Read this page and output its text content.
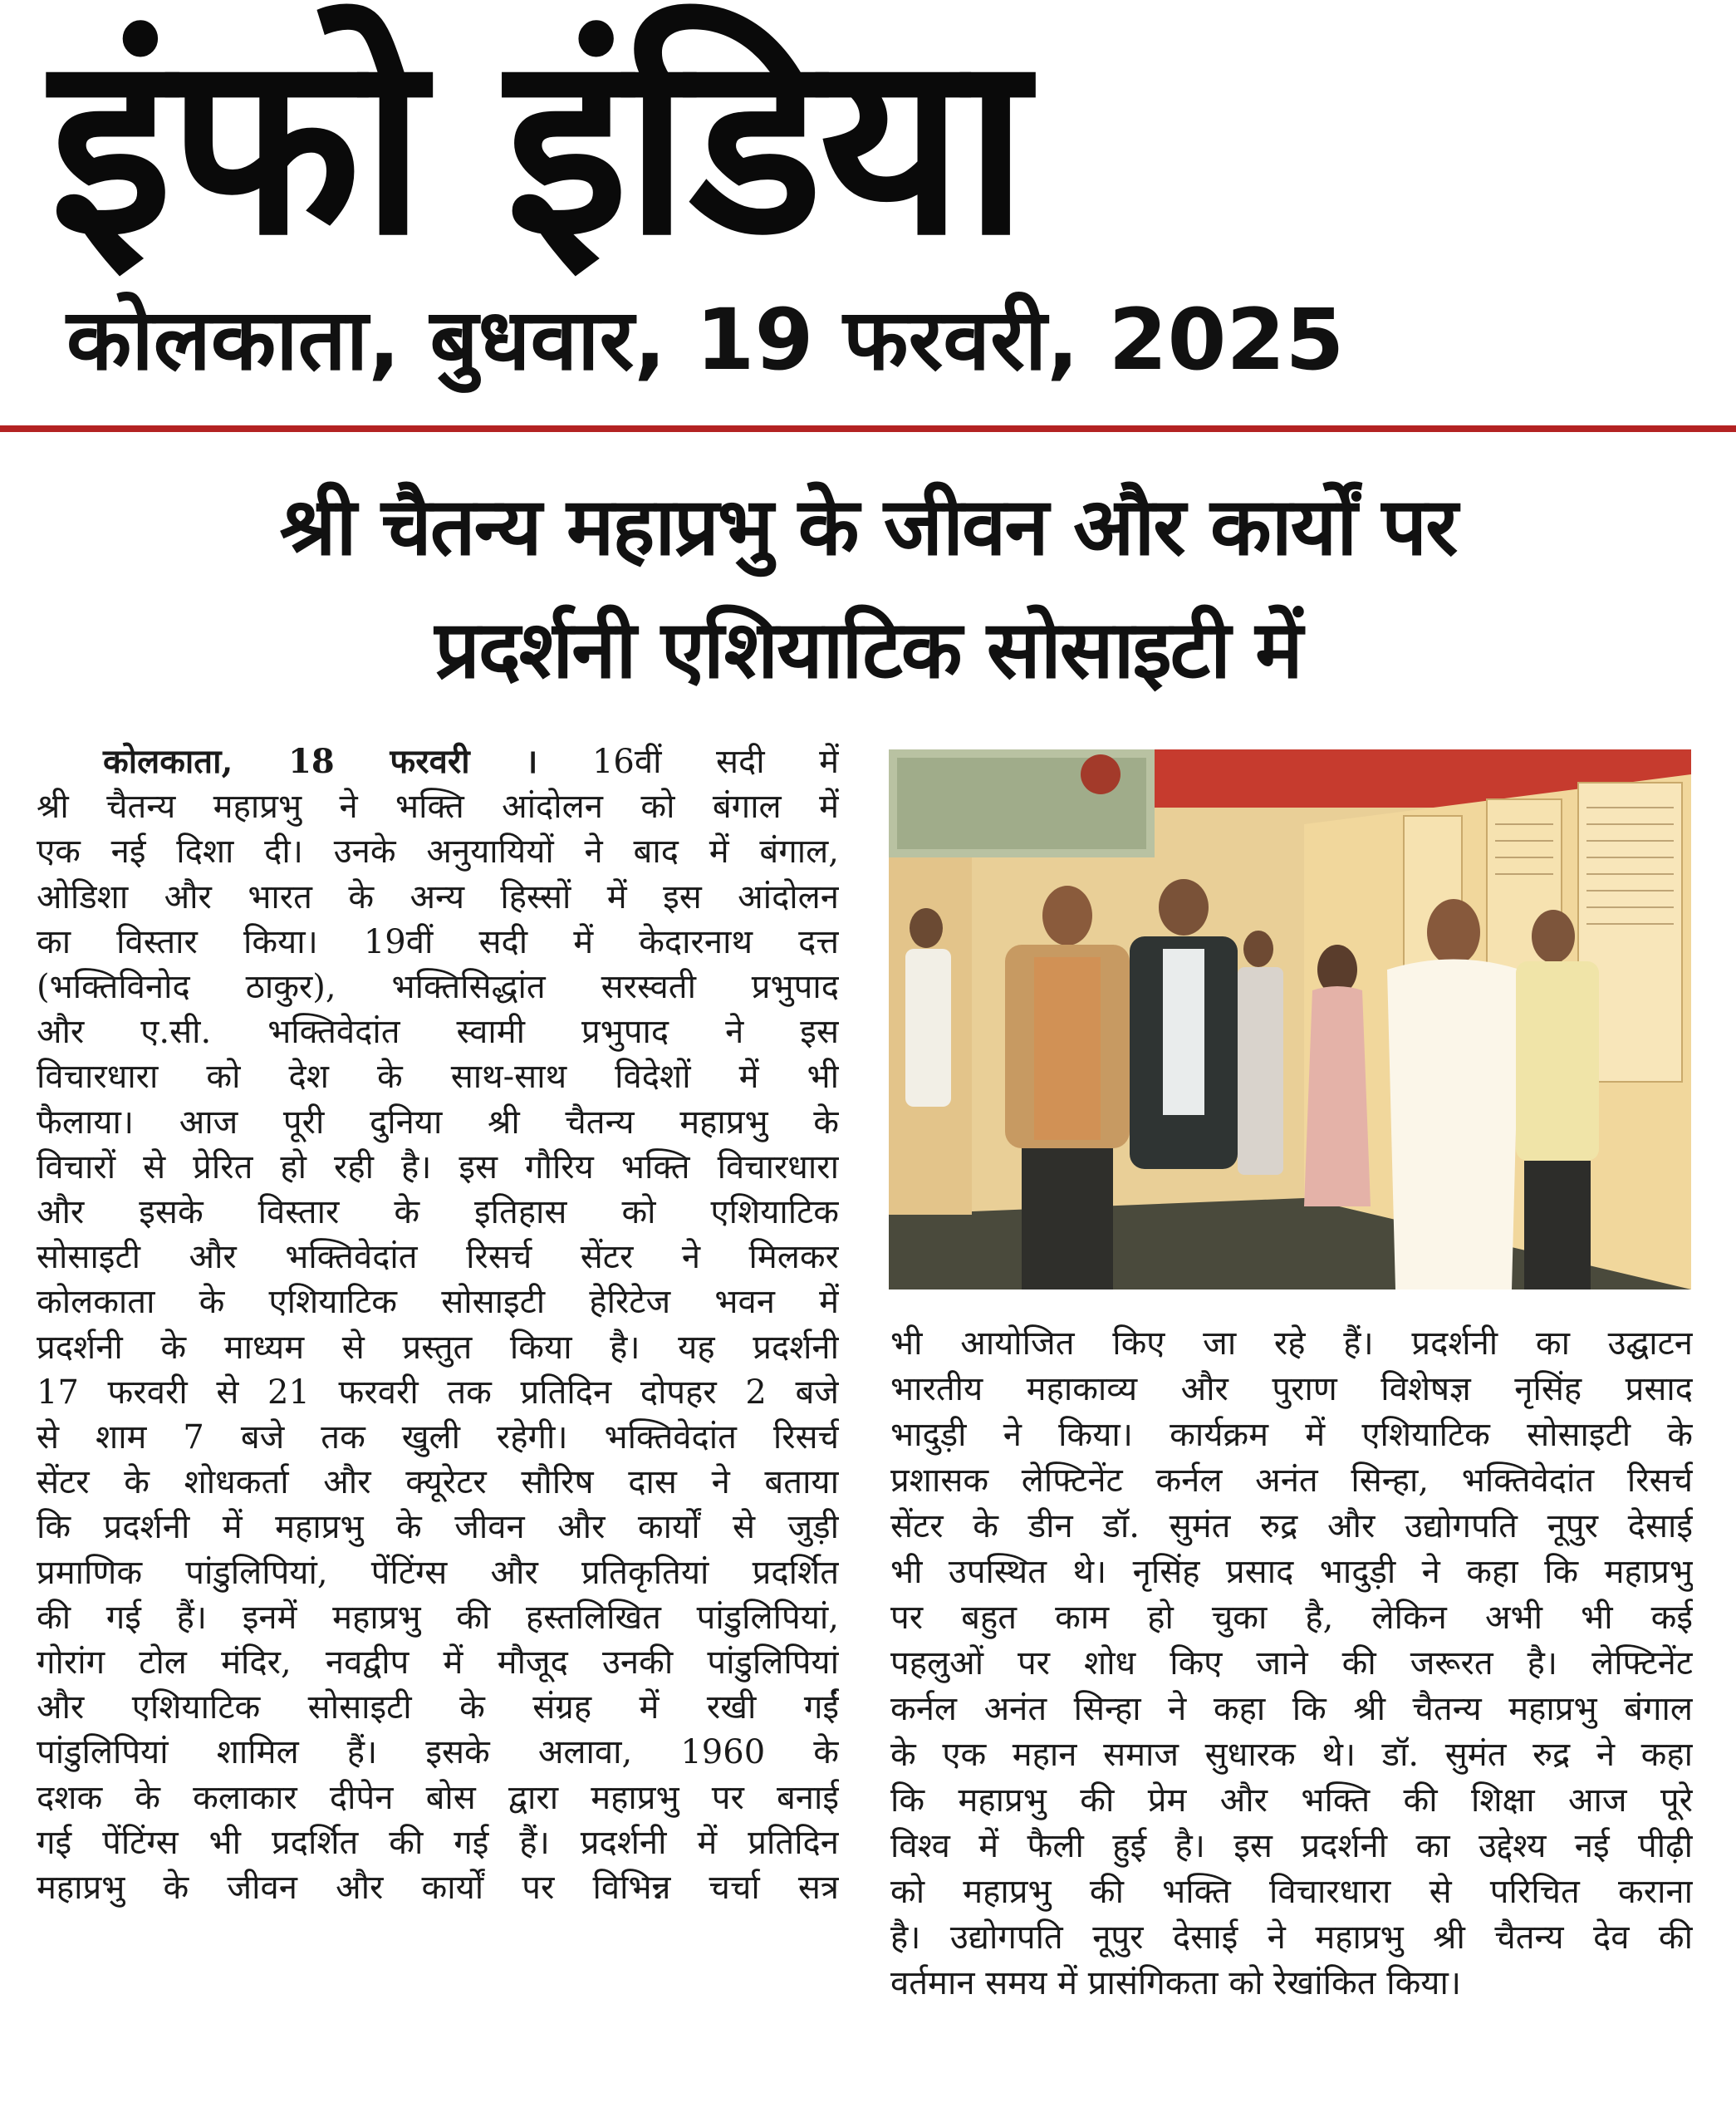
इंफो इंडिया
कोलकाता, बुधवार, 19 फरवरी, 2025
श्री चैतन्य महाप्रभु के जीवन और कार्यों पर
प्रदर्शनी एशियाटिक सोसाइटी में
कोलकाता, 18 फरवरी । 16वीं सदी में
श्री चैतन्य महाप्रभु ने भक्ति आंदोलन को बंगाल में
एक नई दिशा दी। उनके अनुयायियों ने बाद में बंगाल,
ओडिशा और भारत के अन्य हिस्सों में इस आंदोलन
का विस्तार किया। 19वीं सदी में केदारनाथ दत्त
(भक्तिविनोद ठाकुर), भक्तिसिद्धांत सरस्वती प्रभुपाद
और ए.सी. भक्तिवेदांत स्वामी प्रभुपाद ने इस
विचारधारा को देश के साथ-साथ विदेशों में भी
फैलाया। आज पूरी दुनिया श्री चैतन्य महाप्रभु के
विचारों से प्रेरित हो रही है। इस गौरिय भक्ति विचारधारा
और इसके विस्तार के इतिहास को एशियाटिक
सोसाइटी और भक्तिवेदांत रिसर्च सेंटर ने मिलकर
कोलकाता के एशियाटिक सोसाइटी हेरिटेज भवन में
प्रदर्शनी के माध्यम से प्रस्तुत किया है। यह प्रदर्शनी
17 फरवरी से 21 फरवरी तक प्रतिदिन दोपहर 2 बजे
से शाम 7 बजे तक खुली रहेगी। भक्तिवेदांत रिसर्च
सेंटर के शोधकर्ता और क्यूरेटर सौरिष दास ने बताया
कि प्रदर्शनी में महाप्रभु के जीवन और कार्यों से जुड़ी
प्रमाणिक पांडुलिपियां, पेंटिंग्स और प्रतिकृतियां प्रदर्शित
की गई हैं। इनमें महाप्रभु की हस्तलिखित पांडुलिपियां,
गोरांग टोल मंदिर, नवद्वीप में मौजूद उनकी पांडुलिपियां
और एशियाटिक सोसाइटी के संग्रह में रखी गईं
पांडुलिपियां शामिल हैं। इसके अलावा, 1960 के
दशक के कलाकार दीपेन बोस द्वारा महाप्रभु पर बनाई
गई पेंटिंग्स भी प्रदर्शित की गई हैं। प्रदर्शनी में प्रतिदिन
महाप्रभु के जीवन और कार्यों पर विभिन्न चर्चा सत्र
भी आयोजित किए जा रहे हैं। प्रदर्शनी का उद्घाटन
भारतीय महाकाव्य और पुराण विशेषज्ञ नृसिंह प्रसाद
भादुड़ी ने किया। कार्यक्रम में एशियाटिक सोसाइटी के
प्रशासक लेफ्टिनेंट कर्नल अनंत सिन्हा, भक्तिवेदांत रिसर्च
सेंटर के डीन डॉ. सुमंत रुद्र और उद्योगपति नूपुर देसाई
भी उपस्थित थे। नृसिंह प्रसाद भादुड़ी ने कहा कि महाप्रभु
पर बहुत काम हो चुका है, लेकिन अभी भी कई
पहलुओं पर शोध किए जाने की जरूरत है। लेफ्टिनेंट
कर्नल अनंत सिन्हा ने कहा कि श्री चैतन्य महाप्रभु बंगाल
के एक महान समाज सुधारक थे। डॉ. सुमंत रुद्र ने कहा
कि महाप्रभु की प्रेम और भक्ति की शिक्षा आज पूरे
विश्व में फैली हुई है। इस प्रदर्शनी का उद्देश्य नई पीढ़ी
को महाप्रभु की भक्ति विचारधारा से परिचित कराना
है। उद्योगपति नूपुर देसाई ने महाप्रभु श्री चैतन्य देव की
वर्तमान समय में प्रासंगिकता को रेखांकित किया।
